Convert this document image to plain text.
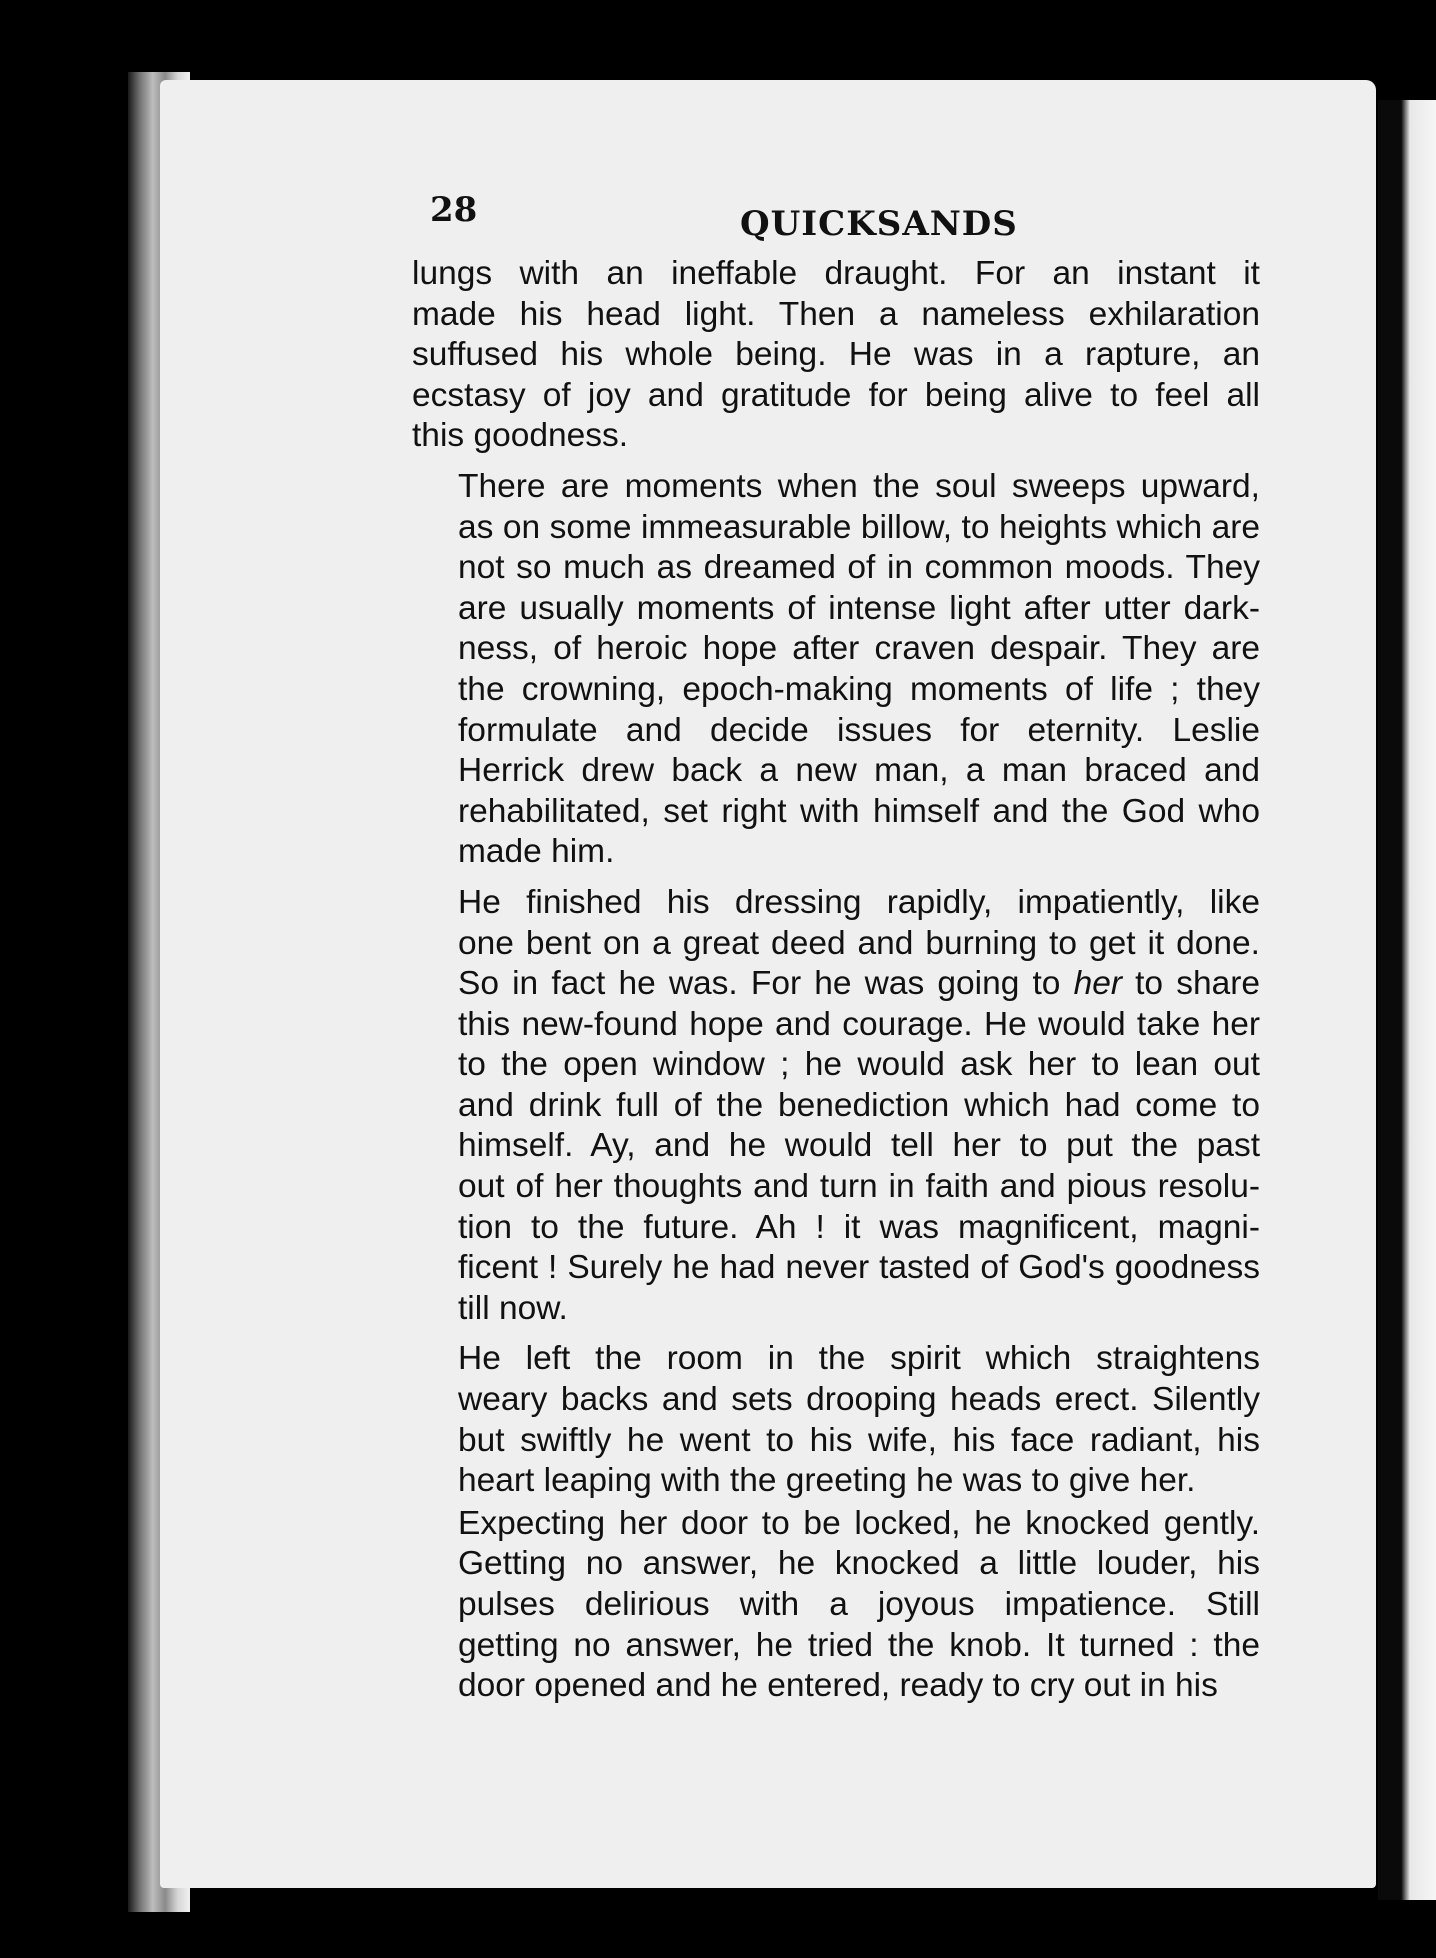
28	QUICKSANDS
lungs with an ineffable draught. For an instant it
made his head light. Then a nameless exhilaration
suffused his whole being. He was in a rapture, an
ecstasy of joy and gratitude for being alive to feel all
this goodness.
There are moments when the soul sweeps upward,
as on some immeasurable billow, to heights which are
not so much as dreamed of in common moods. They
are usually moments of intense light after utter dark-
ness, of heroic hope after craven despair. They are
the crowning, epoch-making moments of life ; they
formulate and decide issues for eternity. Leslie
Herrick drew back a new man, a man braced and
rehabilitated, set right with himself and the God who
made him.
He finished his dressing rapidly, impatiently, like
one bent on a great deed and burning to get it done.
So in fact he was. For he was going to her to share
this new-found hope and courage. He would take her
to the open window ; he would ask her to lean out
and drink full of the benediction which had come to
himself. Ay, and he would tell her to put the past
out of her thoughts and turn in faith and pious resolu-
tion to the future. Ah ! it was magnificent, magni-
ficent ! Surely he had never tasted of God's goodness
till now.
He left the room in the spirit which straightens
weary backs and sets drooping heads erect. Silently
but swiftly he went to his wife, his face radiant, his
heart leaping with the greeting he was to give her.
Expecting her door to be locked, he knocked gently.
Getting no answer, he knocked a little louder, his
pulses delirious with a joyous impatience. Still
getting no answer, he tried the knob. It turned : the
door opened and he entered, ready to cry out in his
